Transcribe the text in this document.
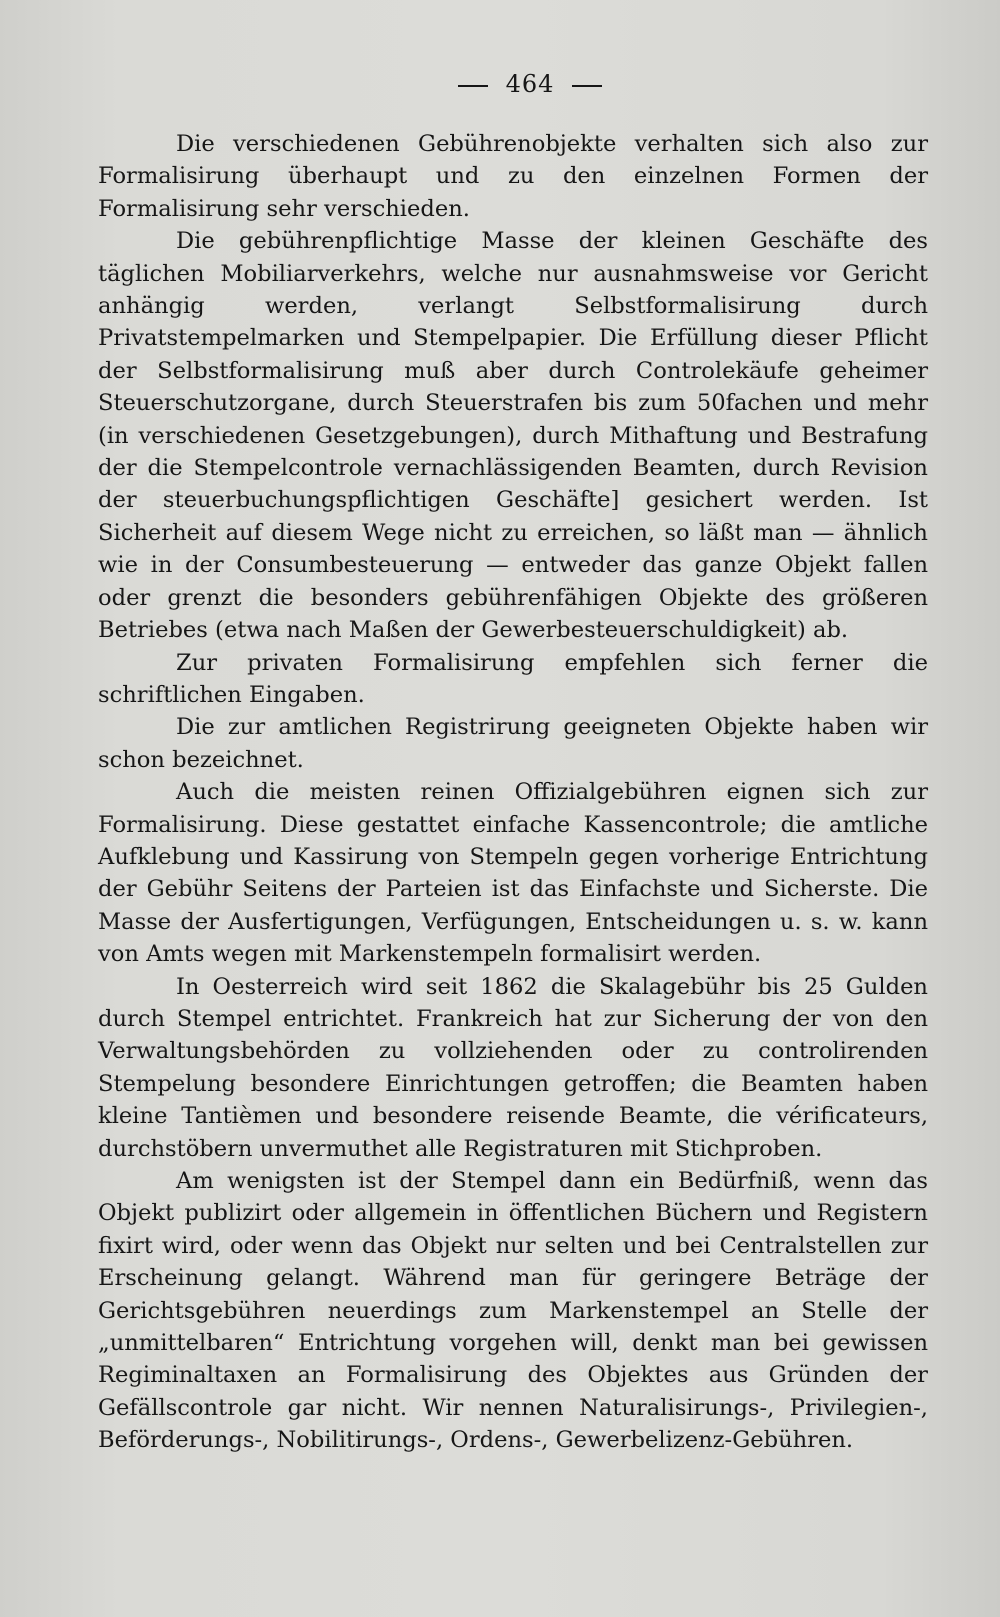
464

Die verschiedenen Gebührenobjekte verhalten sich also zur Formalisirung überhaupt und zu den einzelnen Formen der Formalisirung sehr verschieden.

Die gebührenpflichtige Masse der kleinen Geschäfte des täglichen Mobiliarverkehrs, welche nur ausnahmsweise vor Gericht anhängig werden, verlangt Selbstformalisirung durch Privatstempelmarken und Stempelpapier. Die Erfüllung dieser Pflicht der Selbstformalisirung muß aber durch Controlekäufe geheimer Steuerschutzorgane, durch Steuerstrafen bis zum 50fachen und mehr (in verschiedenen Gesetzgebungen), durch Mithaftung und Bestrafung der die Stempelcontrole vernachlässigenden Beamten, durch Revision der steuerbuchungspflichtigen Geschäfte] gesichert werden. Ist Sicherheit auf diesem Wege nicht zu erreichen, so läßt man — ähnlich wie in der Consumbesteuerung — entweder das ganze Objekt fallen oder grenzt die besonders gebührenfähigen Objekte des größeren Betriebes (etwa nach Maßen der Gewerbesteuerschuldigkeit) ab.

Zur privaten Formalisirung empfehlen sich ferner die schriftlichen Eingaben.

Die zur amtlichen Registrirung geeigneten Objekte haben wir schon bezeichnet.

Auch die meisten reinen Offizialgebühren eignen sich zur Formalisirung. Diese gestattet einfache Kassencontrole; die amtliche Aufklebung und Kassirung von Stempeln gegen vorherige Entrichtung der Gebühr Seitens der Parteien ist das Einfachste und Sicherste. Die Masse der Ausfertigungen, Verfügungen, Entscheidungen u. s. w. kann von Amts wegen mit Markenstempeln formalisirt werden.

In Oesterreich wird seit 1862 die Skalagebühr bis 25 Gulden durch Stempel entrichtet. Frankreich hat zur Sicherung der von den Verwaltungsbehörden zu vollziehenden oder zu controlirenden Stempelung besondere Einrichtungen getroffen; die Beamten haben kleine Tantièmen und besondere reisende Beamte, die vérificateurs, durchstöbern unvermuthet alle Registraturen mit Stichproben.

Am wenigsten ist der Stempel dann ein Bedürfniß, wenn das Objekt publizirt oder allgemein in öffentlichen Büchern und Registern fixirt wird, oder wenn das Objekt nur selten und bei Centralstellen zur Erscheinung gelangt. Während man für geringere Beträge der Gerichtsgebühren neuerdings zum Markenstempel an Stelle der „unmittelbaren“ Entrichtung vorgehen will, denkt man bei gewissen Regiminaltaxen an Formalisirung des Objektes aus Gründen der Gefällscontrole gar nicht. Wir nennen Naturalisirungs-, Privilegien-, Beförderungs-, Nobilitirungs-, Ordens-, Gewerbelizenz-Gebühren.
